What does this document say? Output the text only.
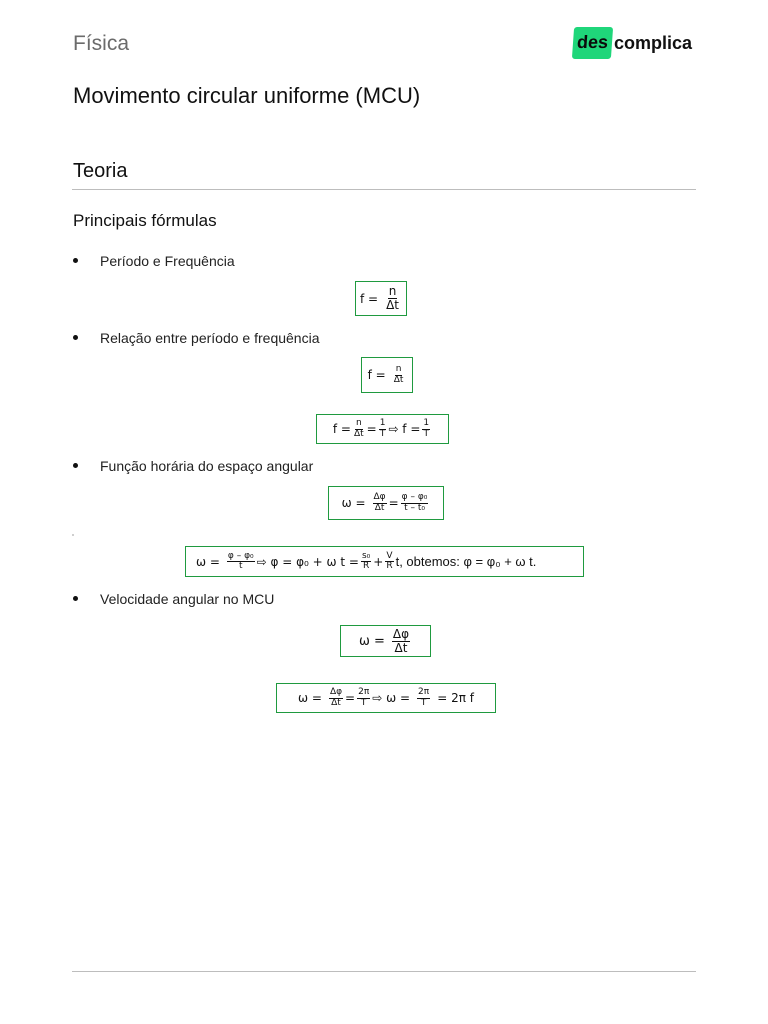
Física	des complica
Movimento circular uniforme (MCU)
Teoria
Principais fórmulas
Período e Frequência
$f = \frac{n}{\Delta t}$
Relação entre período e frequência
$f = \frac{n}{\Delta t}$
$f = \frac{n}{\Delta t} = \frac{1}{T}$ ⇨ $f = \frac{1}{T}$
Função horária do espaço angular
$\omega = \frac{\Delta\varphi}{\Delta t} = \frac{\text{φ – φ₀}}{\text{t – t₀}}$
$\omega = \frac{\text{φ – φ₀}}{t}$ ⇨ φ = φ₀ + ω $t = \frac{\text{s₀}}{R} + \frac{V}{R} t$, obtemos: φ = φ₀ + ω t.
Velocidade angular no MCU
$\omega = \frac{\Delta\varphi}{\Delta t}$
$\omega = \frac{\Delta\varphi}{\Delta t} = \frac{2\pi}{T}$ ⇨ $\omega = \frac{2\pi}{T} = 2\pi$ f
